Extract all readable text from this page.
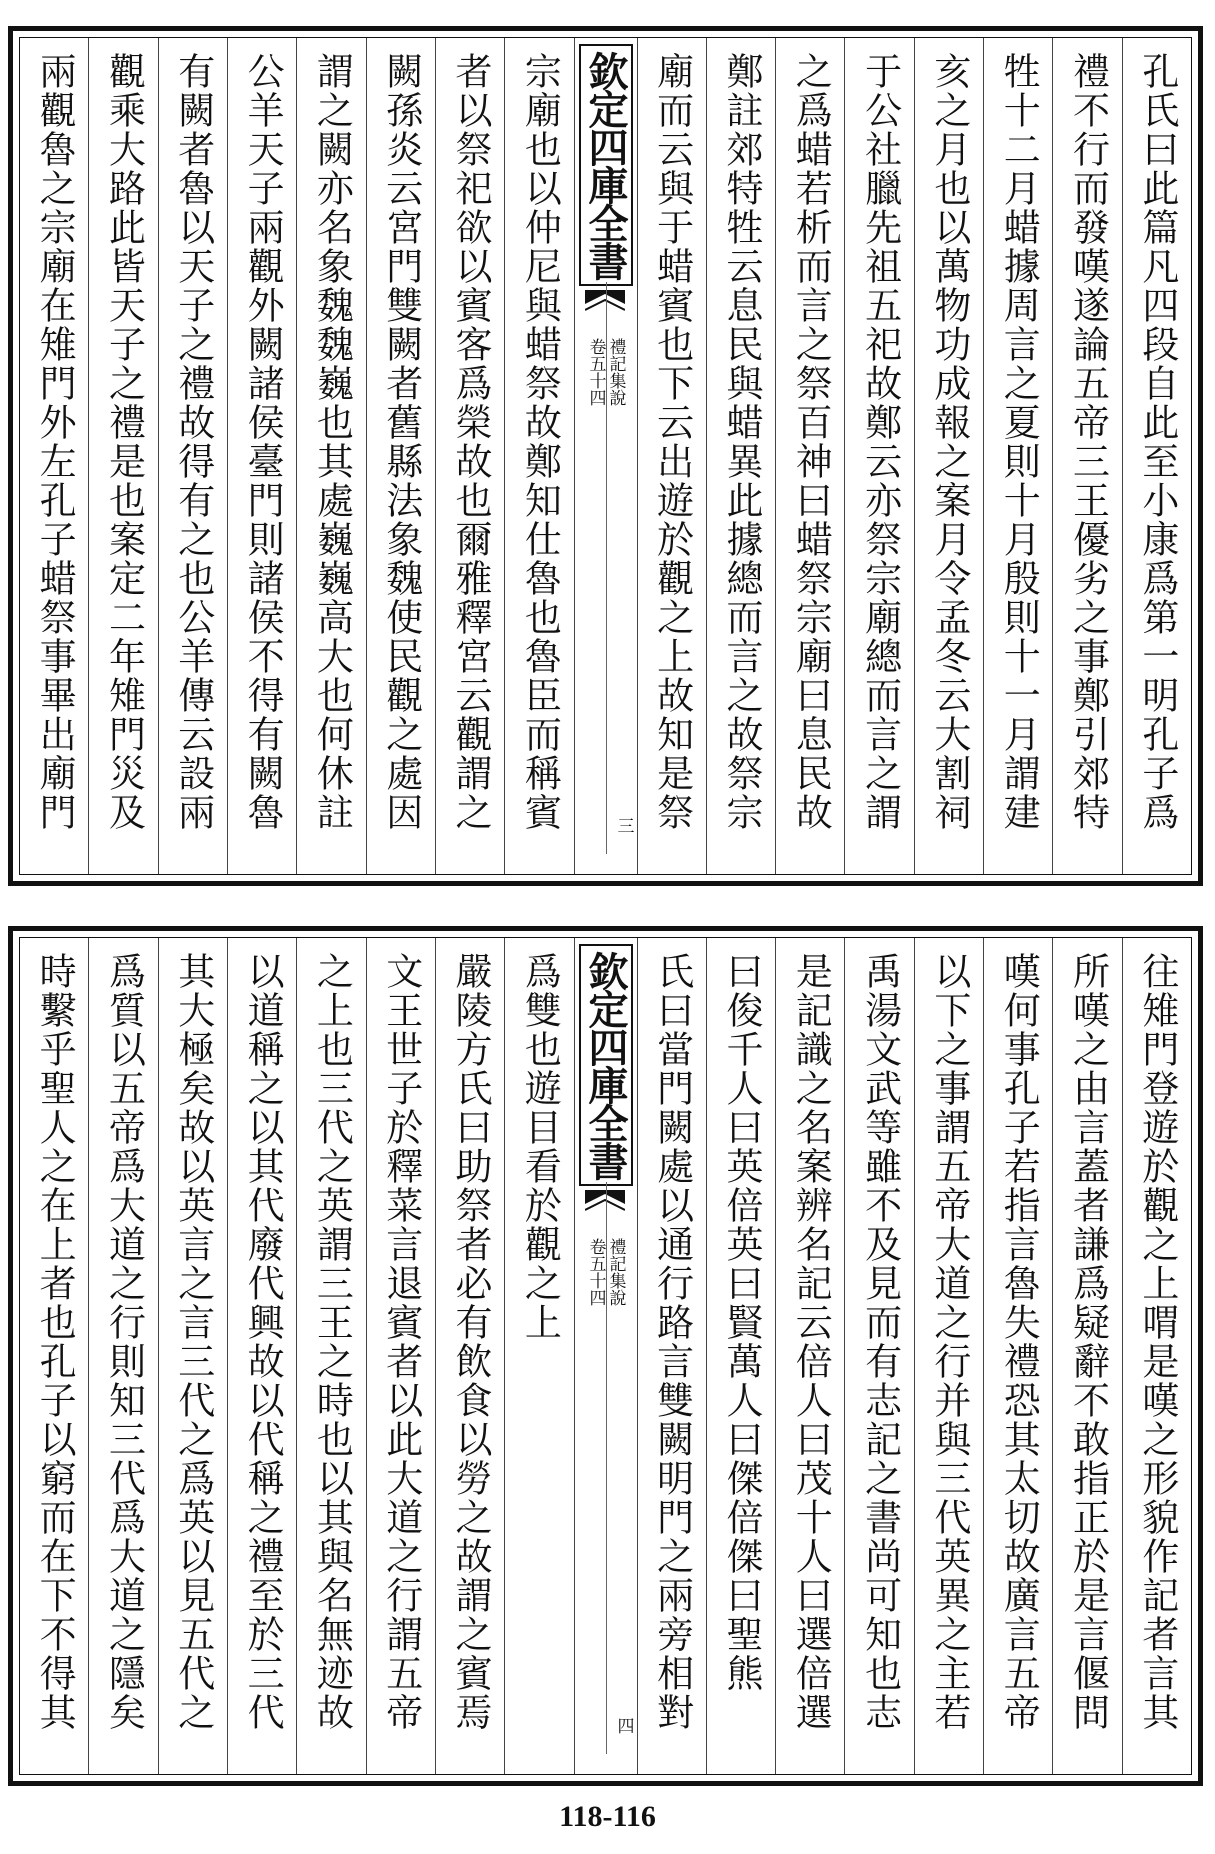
孔氏曰此篇凡四段自此至小康爲第一明孔子爲
禮不行而發嘆遂論五帝三王優劣之事鄭引郊特
牲十二月蜡據周言之夏則十月殷則十一月謂建
亥之月也以萬物功成報之案月令孟冬云大割祠
于公社臘先祖五祀故鄭云亦祭宗廟總而言之謂
之爲蜡若析而言之祭百神曰蜡祭宗廟曰息民故
鄭註郊特牲云息民與蜡異此據總而言之故祭宗
廟而云與于蜡賓也下云出遊於觀之上故知是祭
欽定四庫全書
禮記集說
卷五十四
三
宗廟也以仲尼與蜡祭故鄭知仕魯也魯臣而稱賓
者以祭祀欲以賓客爲榮故也爾雅釋宮云觀謂之
闕孫炎云宮門雙闕者舊縣法象魏使民觀之處因
謂之闕亦名象魏魏巍也其處巍巍高大也何休註
公羊天子兩觀外闕諸侯臺門則諸侯不得有闕魯
有闕者魯以天子之禮故得有之也公羊傳云設兩
觀乘大路此皆天子之禮是也案定二年雉門災及
兩觀魯之宗廟在雉門外左孔子蜡祭事畢出廟門
往雉門登遊於觀之上喟是嘆之形貌作記者言其
所嘆之由言蓋者謙爲疑辭不敢指正於是言偃問
嘆何事孔子若指言魯失禮恐其太切故廣言五帝
以下之事謂五帝大道之行并與三代英異之主若
禹湯文武等雖不及見而有志記之書尚可知也志
是記識之名案辨名記云倍人曰茂十人曰選倍選
曰俊千人曰英倍英曰賢萬人曰傑倍傑曰聖熊
氏曰當門闕處以通行路言雙闕明門之兩旁相對
欽定四庫全書
禮記集說
卷五十四
四
爲雙也遊目看於觀之上
嚴陵方氏曰助祭者必有飲食以勞之故謂之賓焉
文王世子於釋菜言退賓者以此大道之行謂五帝
之上也三代之英謂三王之時也以其與名無迹故
以道稱之以其代廢代興故以代稱之禮至於三代
其大極矣故以英言之言三代之爲英以見五代之
爲質以五帝爲大道之行則知三代爲大道之隱矣
時繫乎聖人之在上者也孔子以窮而在下不得其
118-116
